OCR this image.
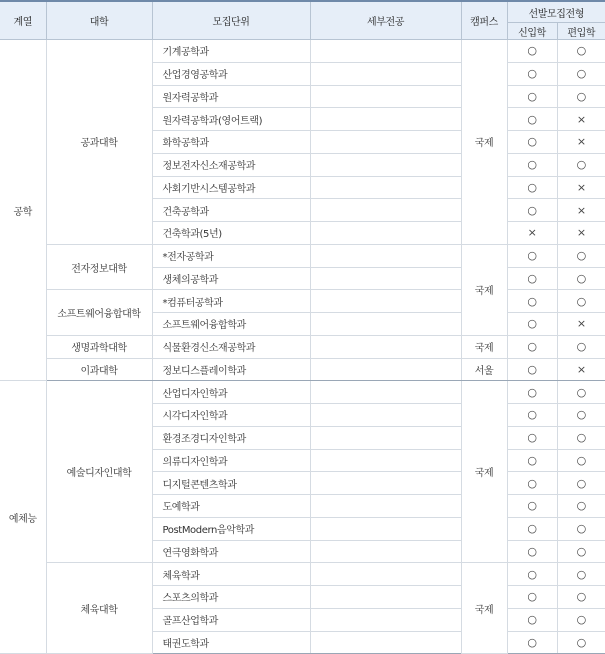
계열	대학	모집단위	세부전공	캠퍼스	선발모집전형	
					신입학	편입학
공학	공과대학	기계공학과		국제	○	○
		산업경영공학과			○	○
		원자력공학과			○	○
		원자력공학과(영어트랙)			○	×
		화학공학과			○	×
		정보전자신소재공학과			○	○
		사회기반시스템공학과			○	×
		건축공학과			○	×
		건축학과(5년)			×	×
	전자정보대학	*전자공학과		국제	○	○
		생체의공학과			○	○
	소프트웨어융합대학	*컴퓨터공학과			○	○
		소프트웨어융합학과			○	×
	생명과학대학	식물환경신소재공학과		국제	○	○
	이과대학	정보디스플레이학과		서울	○	×
예체능	예술디자인대학	산업디자인학과		국제	○	○
		시각디자인학과			○	○
		환경조경디자인학과			○	○
		의류디자인학과			○	○
		디지털콘텐츠학과			○	○
		도예학과			○	○
		PostModern음악학과			○	○
		연극영화학과			○	○
	체육대학	체육학과		국제	○	○
		스포츠의학과			○	○
		골프산업학과			○	○
		태권도학과			○	○
